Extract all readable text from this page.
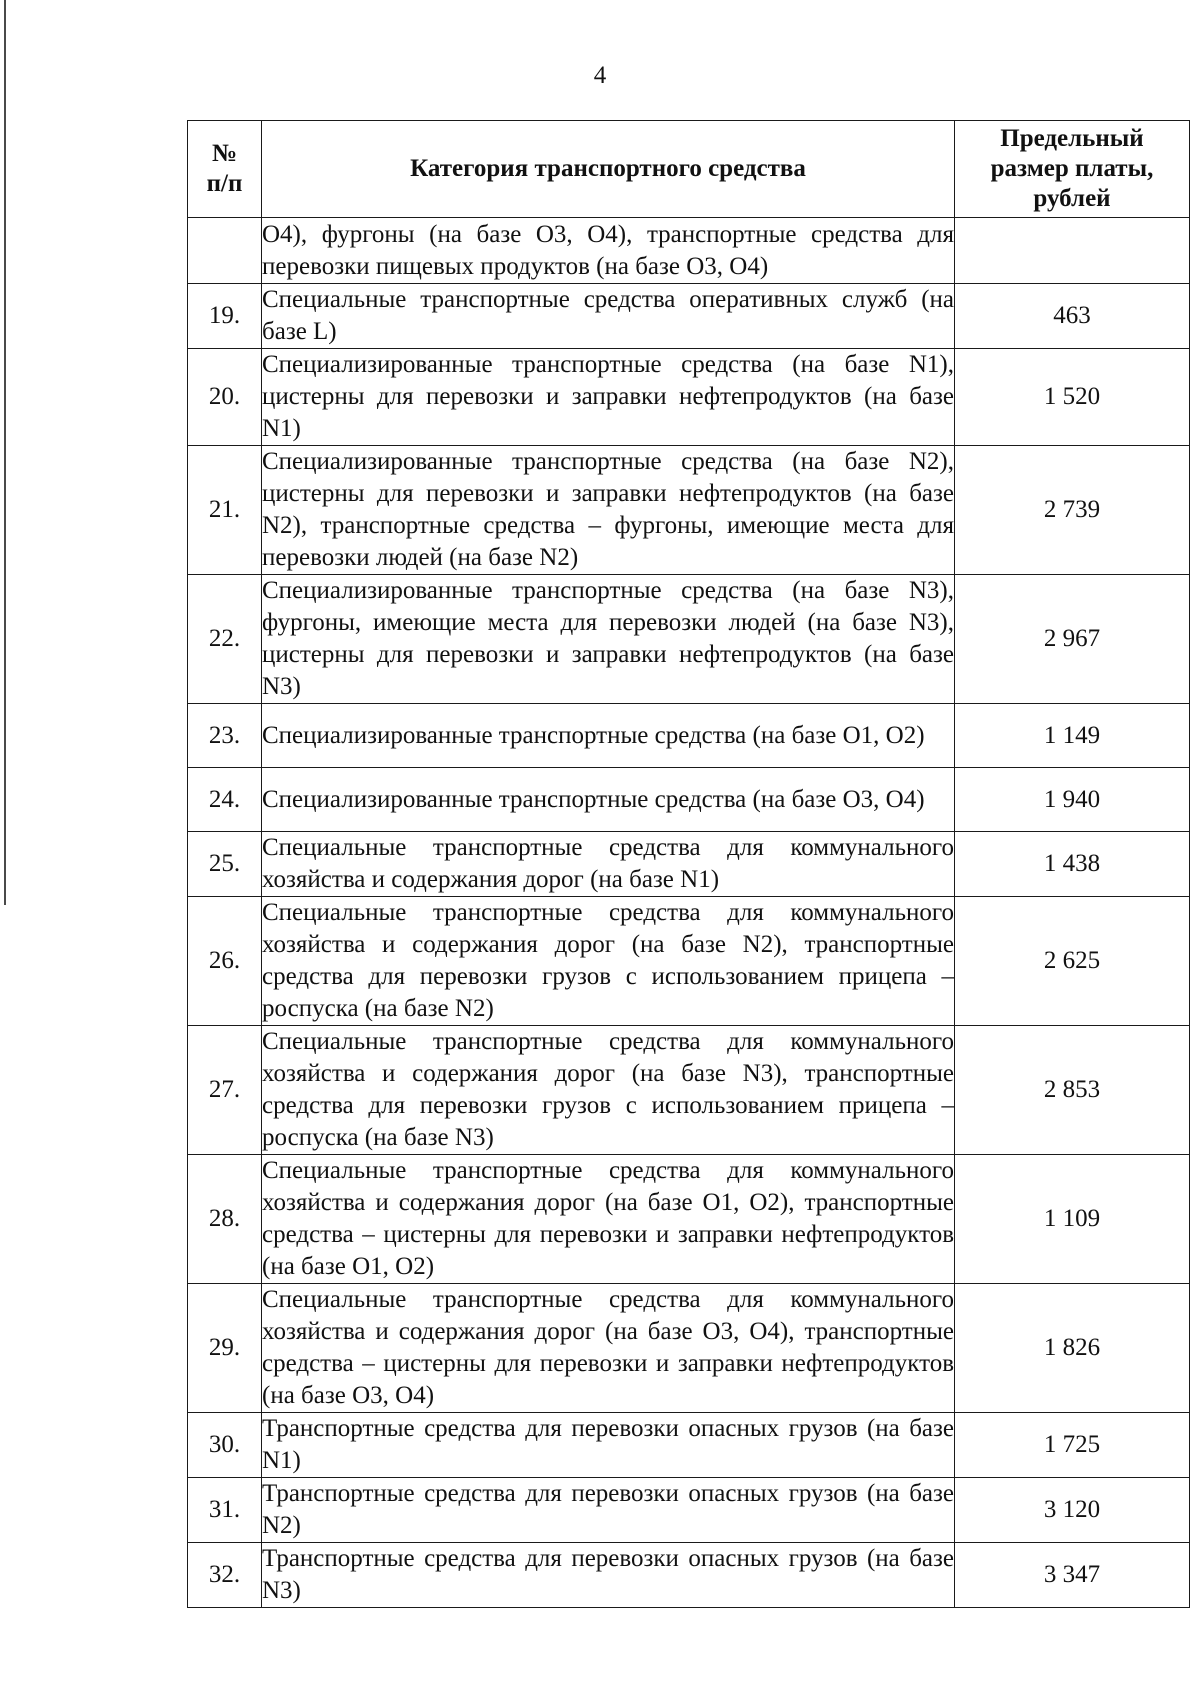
4
№ п/п	Категория транспортного средства	Предельный размер платы, рублей
	О4), фургоны (на базе О3, О4), транспортные средства для перевозки пищевых продуктов (на базе О3, О4)	
19.	Специальные транспортные средства оперативных служб (на базе L)	463
20.	Специализированные транспортные средства (на базе N1), цистерны для перевозки и заправки нефтепродуктов (на базе N1)	1 520
21.	Специализированные транспортные средства (на базе N2), цистерны для перевозки и заправки нефтепродуктов (на базе N2), транспортные средства – фургоны, имеющие места для перевозки людей (на базе N2)	2 739
22.	Специализированные транспортные средства (на базе N3), фургоны, имеющие места для перевозки людей (на базе N3), цистерны для перевозки и заправки нефтепродуктов (на базе N3)	2 967
23.	Специализированные транспортные средства (на базе О1, О2)	1 149
24.	Специализированные транспортные средства (на базе О3, О4)	1 940
25.	Специальные транспортные средства для коммунального хозяйства и содержания дорог (на базе N1)	1 438
26.	Специальные транспортные средства для коммунального хозяйства и содержания дорог (на базе N2), транспортные средства для перевозки грузов с использованием прицепа – роспуска (на базе N2)	2 625
27.	Специальные транспортные средства для коммунального хозяйства и содержания дорог (на базе N3), транспортные средства для перевозки грузов с использованием прицепа – роспуска (на базе N3)	2 853
28.	Специальные транспортные средства для коммунального хозяйства и содержания дорог (на базе О1, О2), транспортные средства – цистерны для перевозки и заправки нефтепродуктов (на базе О1, О2)	1 109
29.	Специальные транспортные средства для коммунального хозяйства и содержания дорог (на базе О3, О4), транспортные средства – цистерны для перевозки и заправки нефтепродуктов (на базе О3, О4)	1 826
30.	Транспортные средства для перевозки опасных грузов (на базе N1)	1 725
31.	Транспортные средства для перевозки опасных грузов (на базе N2)	3 120
32.	Транспортные средства для перевозки опасных грузов (на базе N3)	3 347
